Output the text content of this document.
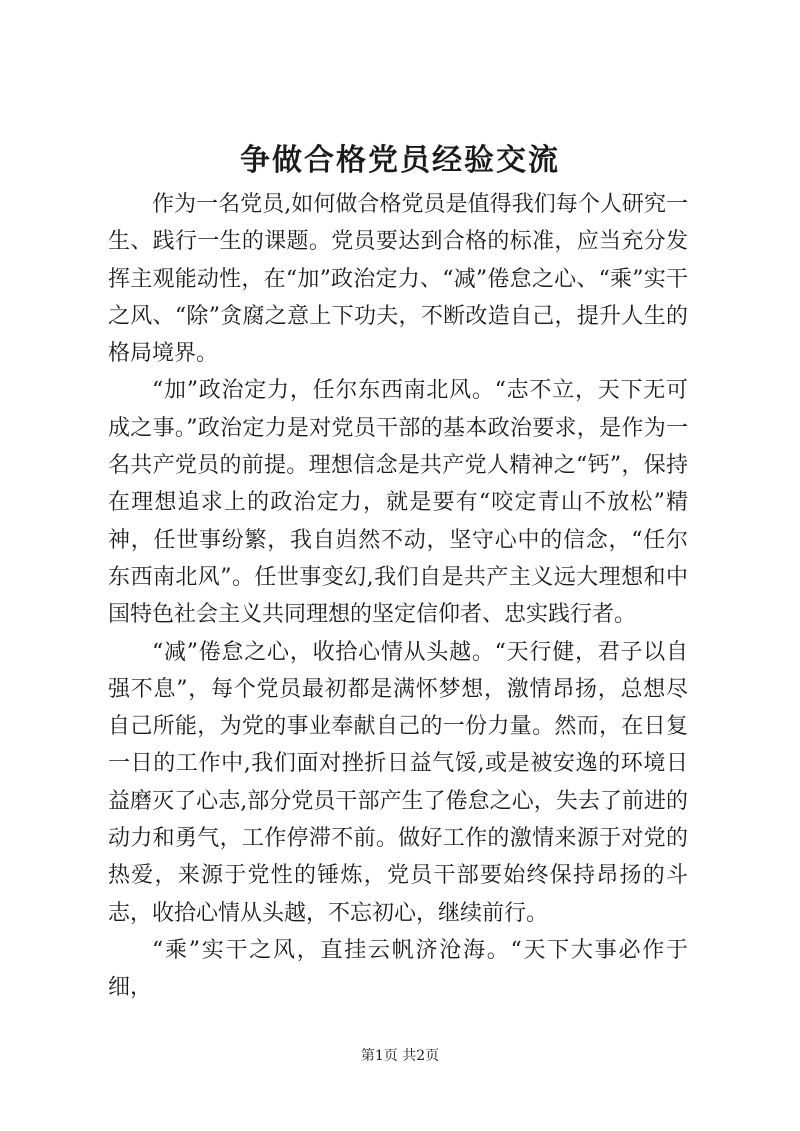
争做合格党员经验交流

作为一名党员,如何做合格党员是值得我们每个人研究一生、践行一生的课题。党员要达到合格的标准，应当充分发挥主观能动性，在“加”政治定力、“减”倦怠之心、“乘”实干之风、“除”贪腐之意上下功夫，不断改造自己，提升人生的格局境界。

“加”政治定力，任尔东西南北风。“志不立，天下无可成之事。”政治定力是对党员干部的基本政治要求，是作为一名共产党员的前提。理想信念是共产党人精神之“钙”，保持在理想追求上的政治定力，就是要有“咬定青山不放松”精神，任世事纷繁，我自岿然不动，坚守心中的信念，“任尔东西南北风”。任世事变幻,我们自是共产主义远大理想和中国特色社会主义共同理想的坚定信仰者、忠实践行者。

“减”倦怠之心，收拾心情从头越。“天行健，君子以自强不息”，每个党员最初都是满怀梦想，激情昂扬，总想尽自己所能，为党的事业奉献自己的一份力量。然而，在日复一日的工作中,我们面对挫折日益气馁,或是被安逸的环境日益磨灭了心志,部分党员干部产生了倦怠之心，失去了前进的动力和勇气，工作停滞不前。做好工作的激情来源于对党的热爱，来源于党性的锤炼，党员干部要始终保持昂扬的斗志，收拾心情从头越，不忘初心，继续前行。

“乘”实干之风，直挂云帆济沧海。“天下大事必作于细，

第1页 共2页
